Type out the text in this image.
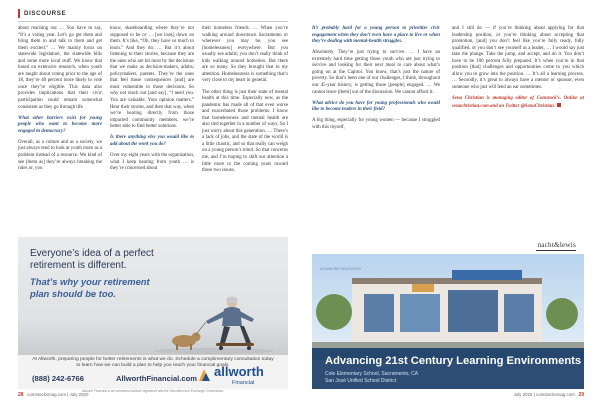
DISCOURSE

about reaching out … You have to say, “It’s a voting year. Let’s go get them and bring them in and talk to them and get them excited.” … We mainly focus on statewide legislature, the statewide bills and some more local stuff. We know that based on extensive research, when youth are taught about voting prior to the age of 18, they’re 40 percent more likely to vote once they’re eligible. This data also provides implications that their civic participation could remain somewhat consistent as they go through life.

What other barriers exist for young people who want to become more engaged in democracy?

Overall, as a culture and as a society, we just always tend to look at youth more as a problem instead of a resource. We kind of see [them as] they’re always breaking the rules or, you

know, skateboarding where they’re not supposed to be or … [we look] down on them. It’s like, “Oh, they have so much to learn.” And they do. … But it’s about listening to their stories, because they are the ones who are hit most by the decisions that we make as decision-makers, adults, policymakers, parents. They’re the ones that feel those consequences [and] are most vulnerable to those decisions. So why not reach out [and say], “I need you. You are valuable. Your opinion matters.” Hear their stories, and then that way, when we’re hearing directly from those impacted community members, we’re better able to find better solutions.

Is there anything else you would like to add about the work you do?

Over my eight years with the organization, what I keep hearing from youth … is they’re concerned about

their homeless friends. … When you’re walking around downtown Sacramento or wherever you may be, you see [homelessness] everywhere. But you usually see adults; you don’t really think of kids walking around homeless. But there are so many. So they brought that to my attention. Homelessness is something that’s very close to my heart in general.

The other thing is just their state of mental health at this time. Especially now, as the pandemic has made all of that even worse and exacerbated those problems. I know that homelessness and mental health are also tied together in a number of ways. So I just worry about this generation. … There’s a lack of jobs, and the state of the world is a little chaotic, and so that really can weigh on a young person’s mind. So that concerns me, and I’m hoping to shift our attention a little more to the coming years toward those two issues.

It’s probably hard for a young person to prioritize civic engagement when they don’t even have a place to live or when they’re dealing with mental-health struggles.

Absolutely. They’re just trying to survive. … I have an extremely hard time getting those youth who are just trying to survive and looking for their next meal to care about what’s going on at the Capitol. You know, that’s just the nature of poverty. So that’s been one of our challenges, I think, throughout our 45-year history, is getting those [people] engaged. … We cannot leave [them] out of the discussion. We cannot afford it.

What advice do you have for young professionals who would like to become leaders in their field?

A big thing, especially for young women — because I struggled with this myself,

and I still do — if you’re thinking about applying for that leadership position, or you’re thinking about accepting that promotion, [and] you don’t feel like you’re fully ready, fully qualified, or you don’t see yourself as a leader, … I would say just take the plunge. Take the jump, and accept, and do it. You don’t have to be 100 percent fully prepared. It’s when you’re in that position [that] challenges and opportunities come to you which allow you to grow into the position. … It’s all a learning process. … Secondly, it’s great to always have a mentor or sponsor, even someone who just will lend an ear sometimes.

Sena Christian is managing editor of Comstock’s. Online at senachristian.com and on Twitter @SenaChristian.

Everyone’s idea of a perfect
retirement is different.
That’s why your retirement
plan should be too.
At Allworth, preparing people for better retirements is what we do. Schedule a complimentary consultation today to learn how we can build a plan to help you reach your financial goals.
(888) 242-6766	AllworthFinancial.com allworth
Financial
Allworth Financial is an investment adviser registered with the Securities and Exchange Commission.
nacht&lewis
ADVANCING EDUCATION
Advancing 21st Century Learning Environments
Cole Elementary School, Sacramento, CA
San José Unified School District
28 comstocksmag.com | July 2020	July 2020 | comstocksmag.com 29
